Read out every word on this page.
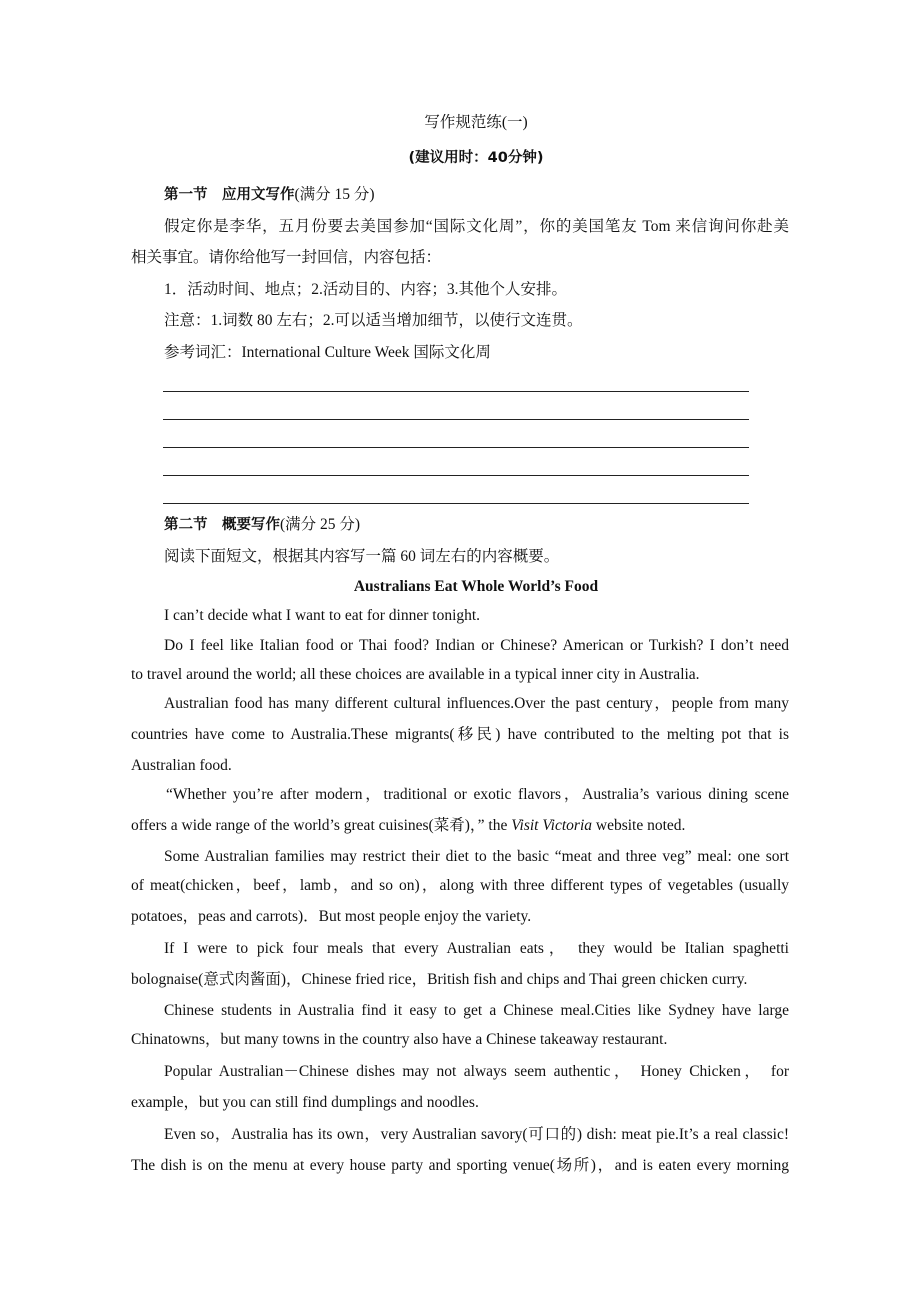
写作规范练(一)
(建议用时：40分钟)
第一节　应用文写作(满分 15 分)
假定你是李华，五月份要去美国参加“国际文化周”，你的美国笔友 Tom 来信询问你赴美
相关事宜。请你给他写一封回信，内容包括：
1．活动时间、地点；2.活动目的、内容；3.其他个人安排。
注意：1.词数 80 左右；2.可以适当增加细节，以使行文连贯。
参考词汇：International Culture Week 国际文化周
第二节　概要写作(满分 25 分)
阅读下面短文，根据其内容写一篇 60 词左右的内容概要。
Australians Eat Whole World’s Food
I can’t decide what I want to eat for dinner tonight.
Do I feel like Italian food or Thai food? Indian or Chinese? American or Turkish? I don’t need
to travel around the world; all these choices are available in a typical inner city in Australia.
Australian food has many different cultural influences.Over the past century，people from many
countries have come to Australia.These migrants(移民) have contributed to the melting pot that is
Australian food.
“Whether you’re after modern，traditional or exotic flavors，Australia’s various dining scene
offers a wide range of the world’s great cuisines(菜肴)，” the Visit Victoria website noted.
Some Australian families may restrict their diet to the basic “meat and three veg” meal: one sort
of meat(chicken，beef，lamb，and so on)，along with three different types of vegetables (usually
potatoes，peas and carrots)．But most people enjoy the variety.
If I were to pick four meals that every Australian eats， they would be Italian spaghetti
bolognaise(意式肉酱面)，Chinese fried rice，British fish and chips and Thai green chicken curry.
Chinese students in Australia find it easy to get a Chinese meal.Cities like Sydney have large
Chinatowns，but many towns in the country also have a Chinese takeaway restaurant.
Popular Australian－Chinese dishes may not always seem authentic， Honey Chicken， for
example，but you can still find dumplings and noodles.
Even so，Australia has its own，very Australian savory(可口的) dish: meat pie.It’s a real classic!
The dish is on the menu at every house party and sporting venue(场所)，and is eaten every morning
